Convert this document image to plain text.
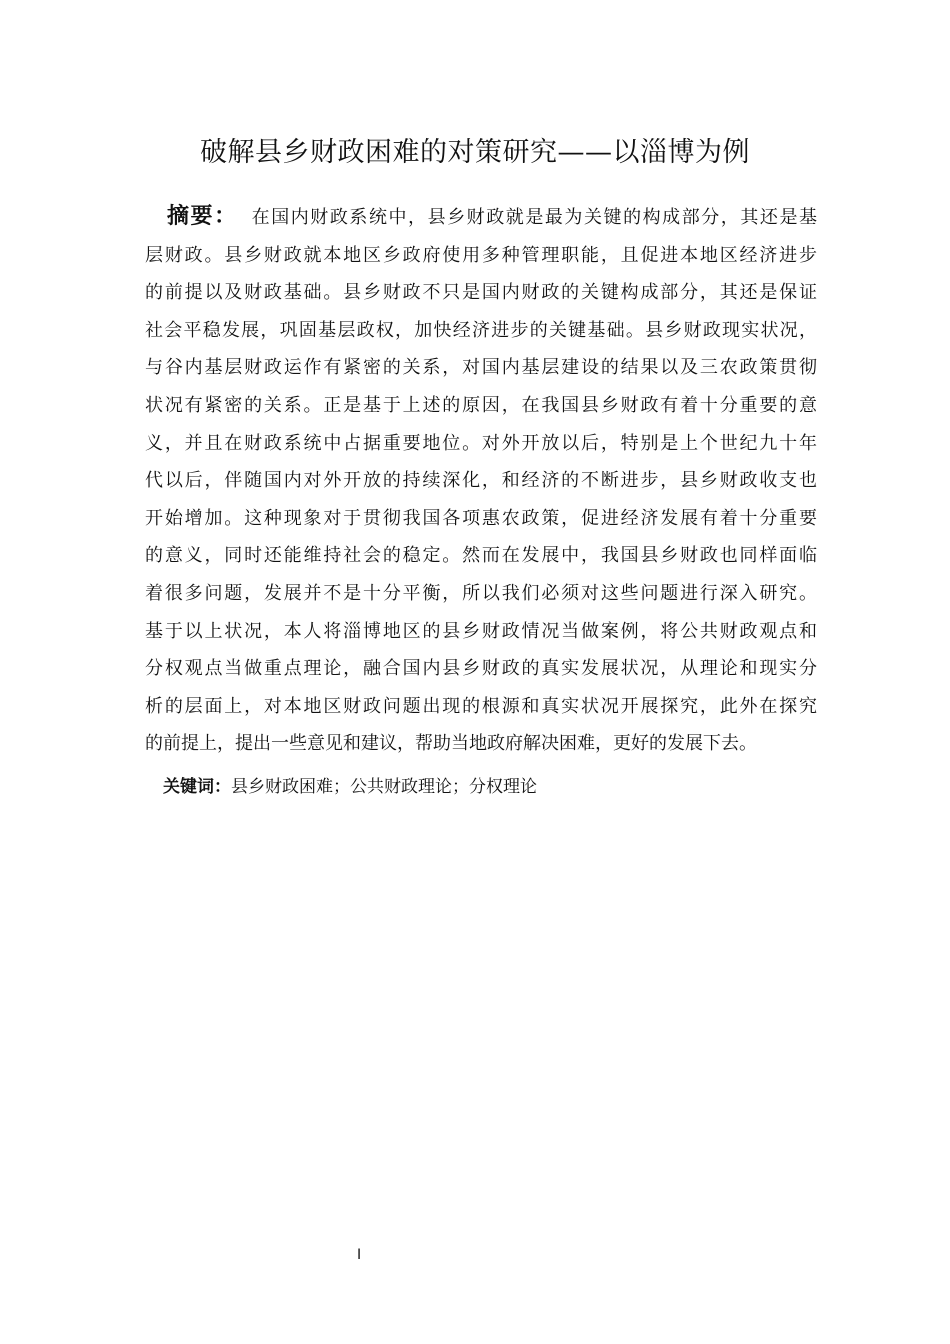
破解县乡财政困难的对策研究——以淄博为例
摘要： 在国内财政系统中，县乡财政就是最为关键的构成部分，其还是基
层财政。县乡财政就本地区乡政府使用多种管理职能，且促进本地区经济进步
的前提以及财政基础。县乡财政不只是国内财政的关键构成部分，其还是保证
社会平稳发展，巩固基层政权，加快经济进步的关键基础。县乡财政现实状况，
与谷内基层财政运作有紧密的关系，对国内基层建设的结果以及三农政策贯彻
状况有紧密的关系。正是基于上述的原因，在我国县乡财政有着十分重要的意
义，并且在财政系统中占据重要地位。对外开放以后，特别是上个世纪九十年
代以后，伴随国内对外开放的持续深化，和经济的不断进步，县乡财政收支也
开始增加。这种现象对于贯彻我国各项惠农政策，促进经济发展有着十分重要
的意义，同时还能维持社会的稳定。然而在发展中，我国县乡财政也同样面临
着很多问题，发展并不是十分平衡，所以我们必须对这些问题进行深入研究。
基于以上状况，本人将淄博地区的县乡财政情况当做案例，将公共财政观点和
分权观点当做重点理论，融合国内县乡财政的真实发展状况，从理论和现实分
析的层面上，对本地区财政问题出现的根源和真实状况开展探究，此外在探究
的前提上，提出一些意见和建议，帮助当地政府解决困难，更好的发展下去。
关键词：县乡财政困难；公共财政理论；分权理论
I
